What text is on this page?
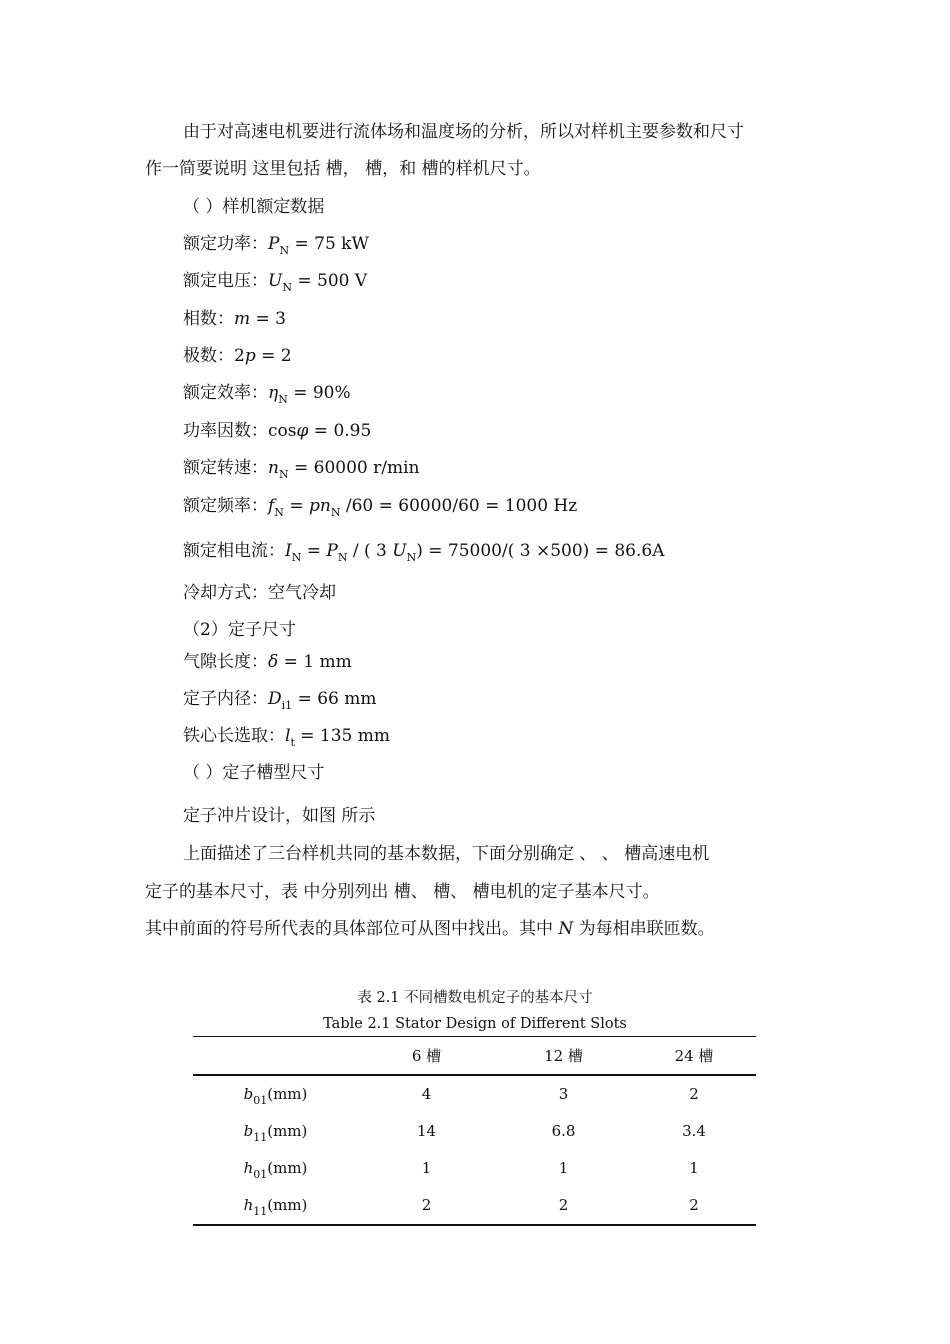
由于对高速电机要进行流体场和温度场的分析，所以对样机主要参数和尺寸
作一简要说明 这里包括 槽， 槽，和 槽的样机尺寸。
（ ）样机额定数据
额定功率：$P_N = 75$ kW
额定电压：$U_N = 500$ V
相数：m = 3
极数：2p = 2
额定效率：$\eta_N = 90\%$
功率因数：cosφ = 0.95
额定转速：$n_N = 60000$ r/min
额定频率：$f_N = pn_N$ /60 = 60000/60 = 1000 Hz
额定相电流：$I_N = P_N$ / ( 3 $U_N) = 75000/$( 3 ×500) = 86.6A
冷却方式：空气冷却
（2）定子尺寸
气隙长度：δ = 1 mm
定子内径：$D_{i1} = 66$ mm
铁心长选取：$l_t = 135$ mm
（ ）定子槽型尺寸
定子冲片设计，如图 所示
上面描述了三台样机共同的基本数据，下面分别确定 、 、 槽高速电机
定子的基本尺寸，表 中分别列出 槽、 槽、 槽电机的定子基本尺寸。
其中前面的符号所代表的具体部位可从图中找出。其中 N 为每相串联匝数。
表 2.1 不同槽数电机定子的基本尺寸
Table 2.1 Stator Design of Different Slots
	6 槽	12 槽	24 槽
$b_{01}(mm)$	4	3	2
$b_{11}(mm)$	14	6.8	3.4
$h_{01}(mm)$	1	1	1
$h_{11}(mm)$	2	2	2
